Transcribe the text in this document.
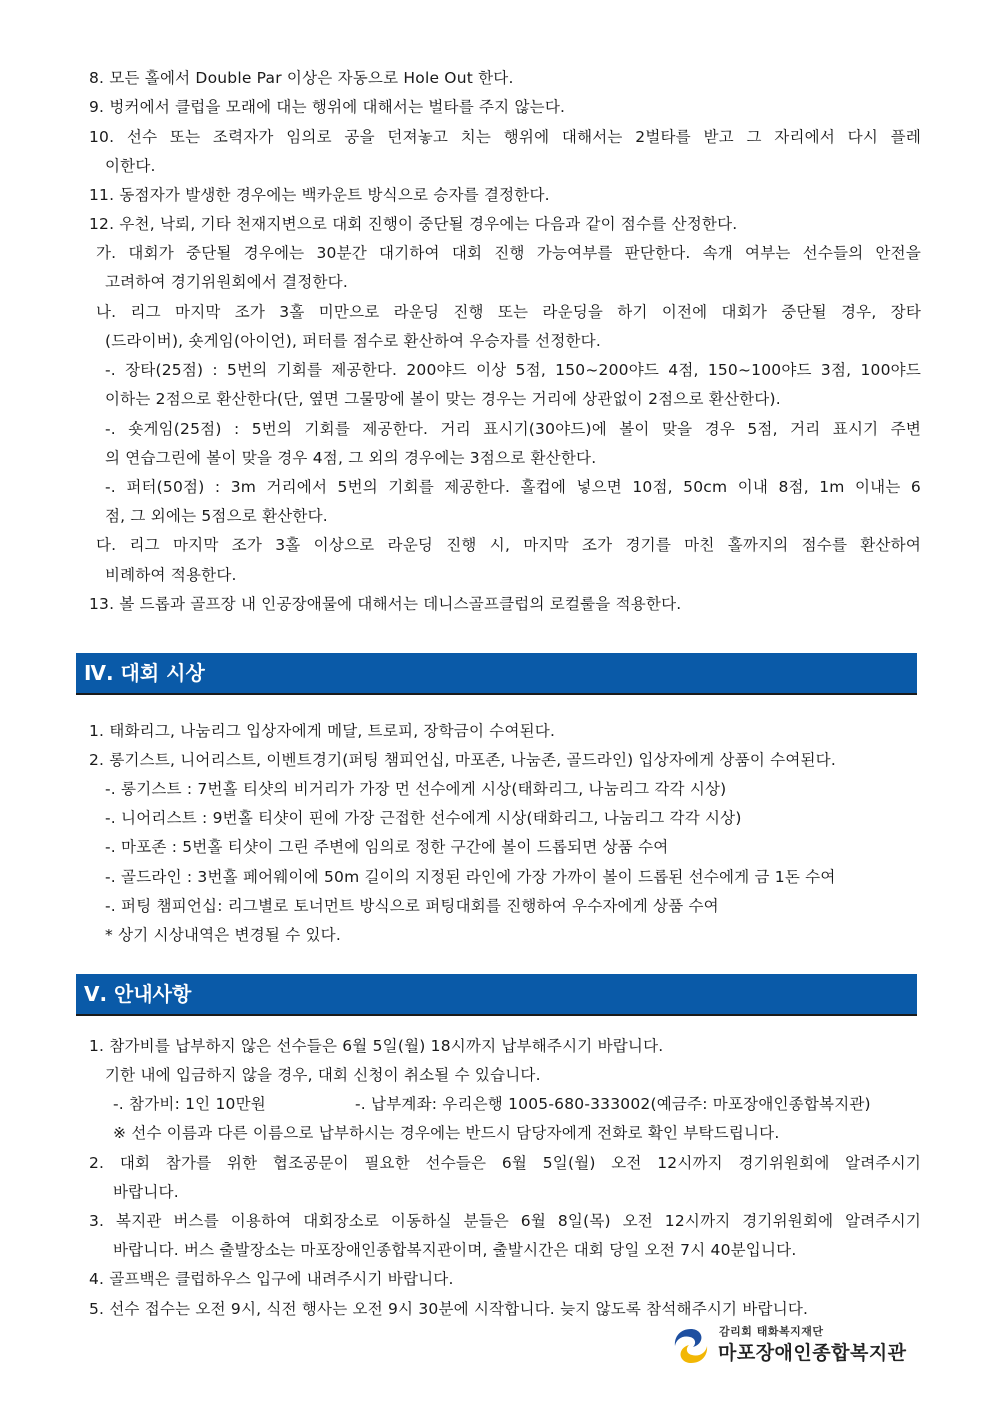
8. 모든 홀에서 Double Par 이상은 자동으로 Hole Out 한다.
9. 벙커에서 클럽을 모래에 대는 행위에 대해서는 벌타를 주지 않는다.
10. 선수 또는 조력자가 임의로 공을 던져놓고 치는 행위에 대해서는 2벌타를 받고 그 자리에서 다시 플레
이한다.
11. 동점자가 발생한 경우에는 백카운트 방식으로 승자를 결정한다.
12. 우천, 낙뢰, 기타 천재지변으로 대회 진행이 중단될 경우에는 다음과 같이 점수를 산정한다.
가. 대회가 중단될 경우에는 30분간 대기하여 대회 진행 가능여부를 판단한다. 속개 여부는 선수들의 안전을
고려하여 경기위원회에서 결정한다.
나. 리그 마지막 조가 3홀 미만으로 라운딩 진행 또는 라운딩을 하기 이전에 대회가 중단될 경우, 장타
(드라이버), 숏게임(아이언), 퍼터를 점수로 환산하여 우승자를 선정한다.
-. 장타(25점) : 5번의 기회를 제공한다. 200야드 이상 5점, 150~200야드 4점, 150~100야드 3점, 100야드
이하는 2점으로 환산한다(단, 옆면 그물망에 볼이 맞는 경우는 거리에 상관없이 2점으로 환산한다).
-. 숏게임(25점) : 5번의 기회를 제공한다. 거리 표시기(30야드)에 볼이 맞을 경우 5점, 거리 표시기 주변
의 연습그린에 볼이 맞을 경우 4점, 그 외의 경우에는 3점으로 환산한다.
-. 퍼터(50점) : 3m 거리에서 5번의 기회를 제공한다. 홀컵에 넣으면 10점, 50cm 이내 8점, 1m 이내는 6
점, 그 외에는 5점으로 환산한다.
다. 리그 마지막 조가 3홀 이상으로 라운딩 진행 시, 마지막 조가 경기를 마친 홀까지의 점수를 환산하여
비례하여 적용한다.
13. 볼 드롭과 골프장 내 인공장애물에 대해서는 데니스골프클럽의 로컬룰을 적용한다.
Ⅳ. 대회 시상
1. 태화리그, 나눔리그 입상자에게 메달, 트로피, 장학금이 수여된다.
2. 롱기스트, 니어리스트, 이벤트경기(퍼팅 챔피언십, 마포존, 나눔존, 골드라인) 입상자에게 상품이 수여된다.
-. 롱기스트 : 7번홀 티샷의 비거리가 가장 먼 선수에게 시상(태화리그, 나눔리그 각각 시상)
-. 니어리스트 : 9번홀 티샷이 핀에 가장 근접한 선수에게 시상(태화리그, 나눔리그 각각 시상)
-. 마포존 : 5번홀 티샷이 그린 주변에 임의로 정한 구간에 볼이 드롭되면 상품 수여
-. 골드라인 : 3번홀 페어웨이에 50m 길이의 지정된 라인에 가장 가까이 볼이 드롭된 선수에게 금 1돈 수여
-. 퍼팅 챔피언십: 리그별로 토너먼트 방식으로 퍼팅대회를 진행하여 우수자에게 상품 수여
* 상기 시상내역은 변경될 수 있다.
Ⅴ. 안내사항
1. 참가비를 납부하지 않은 선수들은 6월 5일(월) 18시까지 납부해주시기 바랍니다.
기한 내에 입금하지 않을 경우, 대회 신청이 취소될 수 있습니다.
-. 참가비: 1인 10만원	-. 납부계좌: 우리은행 1005-680-333002(예금주: 마포장애인종합복지관)
※ 선수 이름과 다른 이름으로 납부하시는 경우에는 반드시 담당자에게 전화로 확인 부탁드립니다.
2. 대회 참가를 위한 협조공문이 필요한 선수들은 6월 5일(월) 오전 12시까지 경기위원회에 알려주시기
바랍니다.
3. 복지관 버스를 이용하여 대회장소로 이동하실 분들은 6월 8일(목) 오전 12시까지 경기위원회에 알려주시기
바랍니다. 버스 출발장소는 마포장애인종합복지관이며, 출발시간은 대회 당일 오전 7시 40분입니다.
4. 골프백은 클럽하우스 입구에 내려주시기 바랍니다.
5. 선수 접수는 오전 9시, 식전 행사는 오전 9시 30분에 시작합니다. 늦지 않도록 참석해주시기 바랍니다.
감리회 태화복지재단
마포장애인종합복지관
